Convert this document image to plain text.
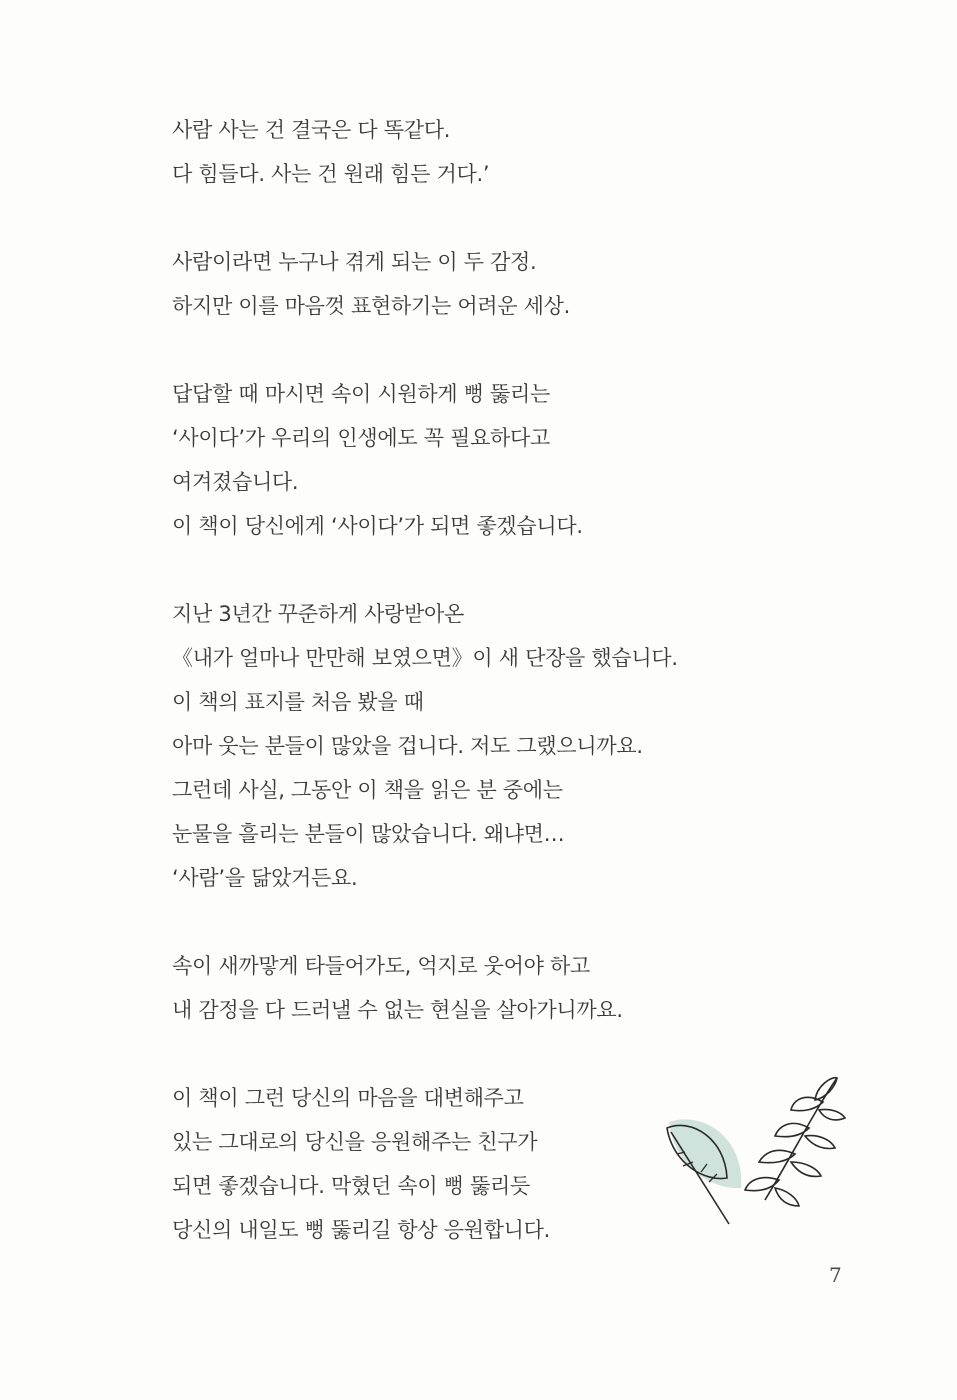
사람 사는 건 결국은 다 똑같다.
다 힘들다. 사는 건 원래 힘든 거다.’
사람이라면 누구나 겪게 되는 이 두 감정.
하지만 이를 마음껏 표현하기는 어려운 세상.
답답할 때 마시면 속이 시원하게 뻥 뚫리는
‘사이다’가 우리의 인생에도 꼭 필요하다고
여겨졌습니다.
이 책이 당신에게 ‘사이다’가 되면 좋겠습니다.
지난 3년간 꾸준하게 사랑받아온
《내가 얼마나 만만해 보였으면》이 새 단장을 했습니다.
이 책의 표지를 처음 봤을 때
아마 웃는 분들이 많았을 겁니다. 저도 그랬으니까요.
그런데 사실, 그동안 이 책을 읽은 분 중에는
눈물을 흘리는 분들이 많았습니다. 왜냐면…
‘사람’을 닮았거든요.
속이 새까맣게 타들어가도, 억지로 웃어야 하고
내 감정을 다 드러낼 수 없는 현실을 살아가니까요.
이 책이 그런 당신의 마음을 대변해주고
있는 그대로의 당신을 응원해주는 친구가
되면 좋겠습니다. 막혔던 속이 뻥 뚫리듯
당신의 내일도 뻥 뚫리길 항상 응원합니다.
7
